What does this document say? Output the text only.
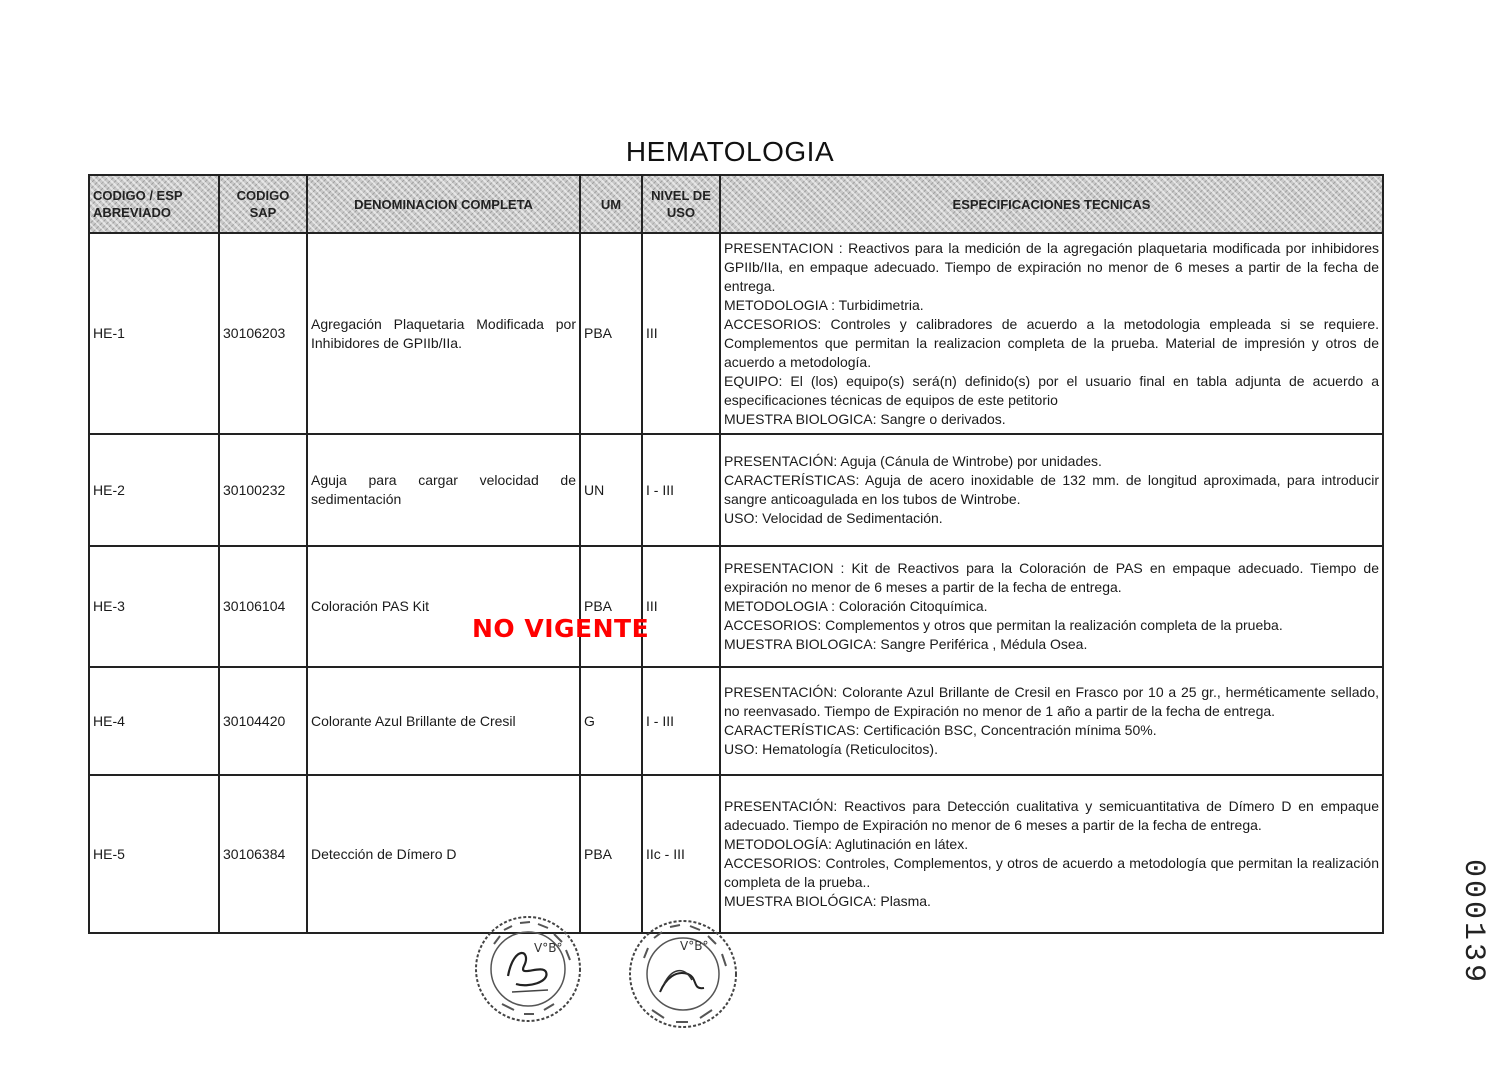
HEMATOLOGIA
CODIGO / ESP ABREVIADO	CODIGO SAP	DENOMINACION COMPLETA	UM	NIVEL DE USO	ESPECIFICACIONES TECNICAS
HE-1	30106203	Agregación Plaquetaria Modificada por Inhibidores de GPIIb/IIa.	PBA	III	PRESENTACION : Reactivos para la medición de la agregación plaquetaria modificada por inhibidores GPIIb/IIa, en empaque adecuado. Tiempo de expiración no menor de 6 meses a partir de la fecha de entrega.
METODOLOGIA : Turbidimetria.
ACCESORIOS: Controles y calibradores de acuerdo a la metodologia empleada si se requiere. Complementos que permitan la realizacion completa de la prueba. Material de impresión y otros de acuerdo a metodología.
EQUIPO: El (los) equipo(s) será(n) definido(s) por el usuario final en tabla adjunta de acuerdo a especificaciones técnicas de equipos de este petitorio
MUESTRA BIOLOGICA: Sangre o derivados.

HE-2	30100232	Aguja para cargar velocidad de sedimentación	UN	I - III	PRESENTACIÓN: Aguja (Cánula de Wintrobe) por unidades.
CARACTERÍSTICAS: Aguja de acero inoxidable de 132 mm. de longitud aproximada, para introducir sangre anticoagulada en los tubos de Wintrobe.
USO: Velocidad de Sedimentación.

HE-3	30106104	Coloración PAS Kit	PBA	III	PRESENTACION : Kit de Reactivos para la Coloración de PAS en empaque adecuado. Tiempo de expiración no menor de 6 meses a partir de la fecha de entrega.
METODOLOGIA : Coloración Citoquímica.
ACCESORIOS: Complementos y otros que permitan la realización completa de la prueba.
MUESTRA BIOLOGICA: Sangre Periférica , Médula Osea.

HE-4	30104420	Colorante Azul Brillante de Cresil	G	I - III	PRESENTACIÓN: Colorante Azul Brillante de Cresil en Frasco por 10 a 25 gr., herméticamente sellado, no reenvasado. Tiempo de Expiración no menor de 1 año a partir de la fecha de entrega.
CARACTERÍSTICAS: Certificación BSC, Concentración mínima 50%.
USO: Hematología (Reticulocitos).

HE-5	30106384	Detección de Dímero D	PBA	IIc - III	PRESENTACIÓN: Reactivos para Detección cualitativa y semicuantitativa de Dímero D en empaque adecuado. Tiempo de Expiración no menor de 6 meses a partir de la fecha de entrega.
METODOLOGÍA: Aglutinación en látex.
ACCESORIOS: Controles, Complementos, y otros de acuerdo a metodología que permitan la realización completa de la prueba..
MUESTRA BIOLÓGICA: Plasma.
NO VIGENTE
000139
V°B°	V°B°
